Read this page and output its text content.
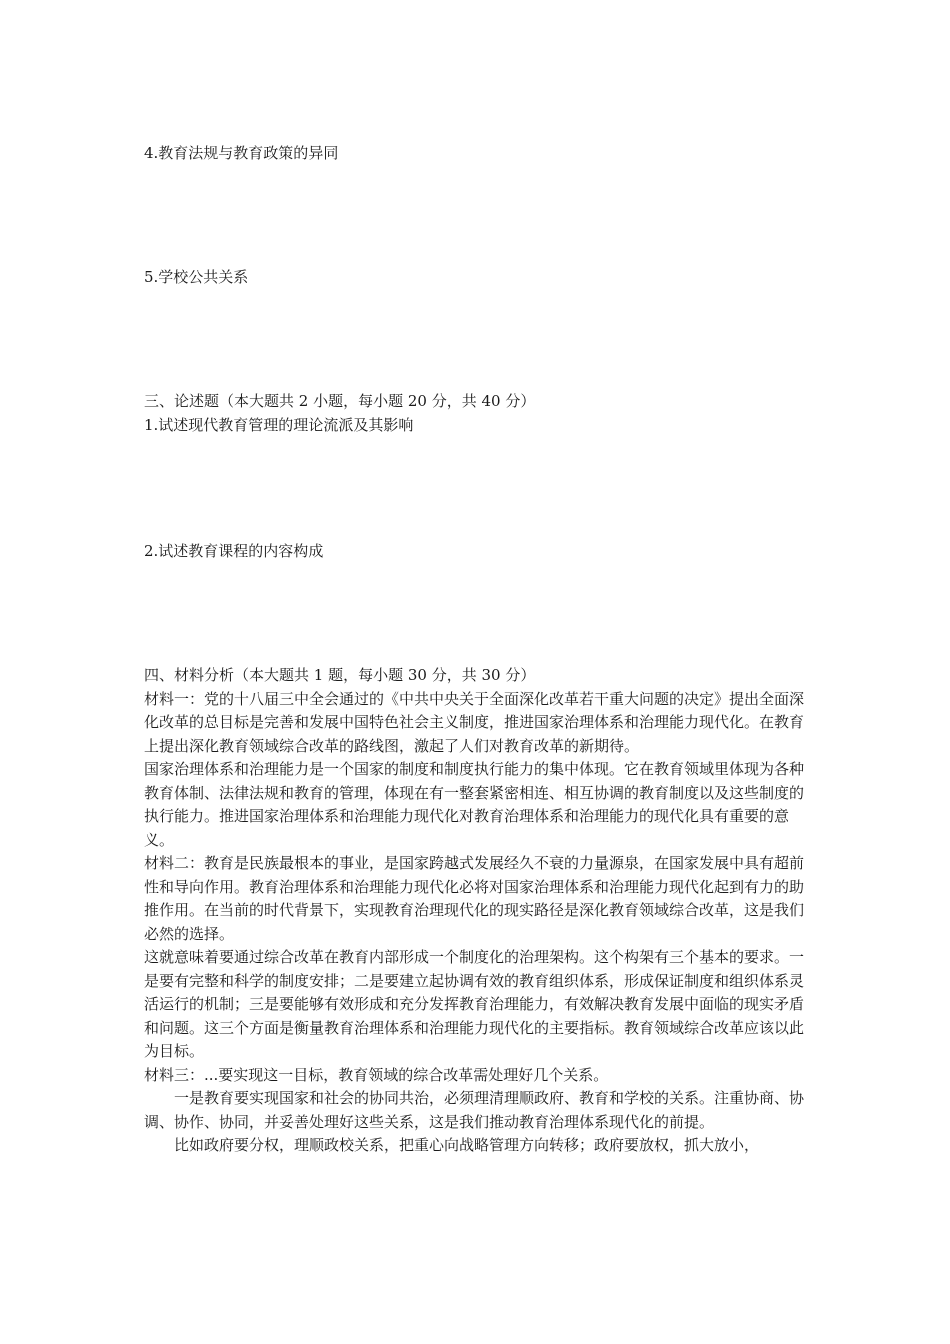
4.教育法规与教育政策的异同

5.学校公共关系

三、论述题（本大题共 2 小题，每小题 20 分，共 40 分）

1.试述现代教育管理的理论流派及其影响

2.试述教育课程的内容构成

四、材料分析（本大题共 1 题，每小题 30 分，共 30 分）

材料一：党的十八届三中全会通过的《中共中央关于全面深化改革若干重大问题的决定》提出全面深化改革的总目标是完善和发展中国特色社会主义制度，推进国家治理体系和治理能力现代化。在教育上提出深化教育领域综合改革的路线图，激起了人们对教育改革的新期待。

国家治理体系和治理能力是一个国家的制度和制度执行能力的集中体现。它在教育领域里体现为各种教育体制、法律法规和教育的管理，体现在有一整套紧密相连、相互协调的教育制度以及这些制度的执行能力。推进国家治理体系和治理能力现代化对教育治理体系和治理能力的现代化具有重要的意义。

材料二：教育是民族最根本的事业，是国家跨越式发展经久不衰的力量源泉，在国家发展中具有超前性和导向作用。教育治理体系和治理能力现代化必将对国家治理体系和治理能力现代化起到有力的助推作用。在当前的时代背景下，实现教育治理现代化的现实路径是深化教育领域综合改革，这是我们必然的选择。

这就意味着要通过综合改革在教育内部形成一个制度化的治理架构。这个构架有三个基本的要求。一是要有完整和科学的制度安排；二是要建立起协调有效的教育组织体系，形成保证制度和组织体系灵活运行的机制；三是要能够有效形成和充分发挥教育治理能力，有效解决教育发展中面临的现实矛盾和问题。这三个方面是衡量教育治理体系和治理能力现代化的主要指标。教育领域综合改革应该以此为目标。

材料三：...要实现这一目标，教育领域的综合改革需处理好几个关系。

一是教育要实现国家和社会的协同共治，必须理清理顺政府、教育和学校的关系。注重协商、协调、协作、协同，并妥善处理好这些关系，这是我们推动教育治理体系现代化的前提。

比如政府要分权，理顺政校关系，把重心向战略管理方向转移；政府要放权，抓大放小，
